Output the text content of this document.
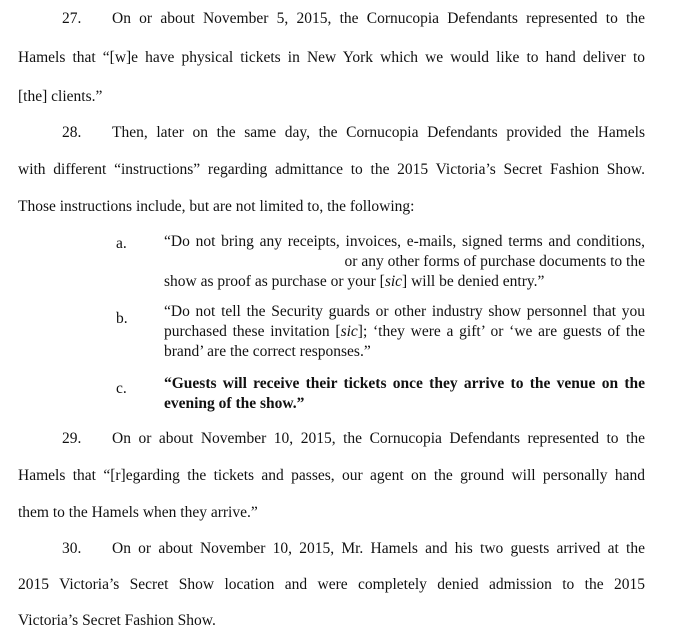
27. On or about November 5, 2015, the Cornucopia Defendants represented to the
Hamels that “[w]e have physical tickets in New York which we would like to hand deliver to
[the] clients.”
28. Then, later on the same day, the Cornucopia Defendants provided the Hamels
with different “instructions” regarding admittance to the 2015 Victoria’s Secret Fashion Show.
Those instructions include, but are not limited to, the following:
a. “Do not bring any receipts, invoices, e-mails, signed terms and conditions,
or any other forms of purchase documents to the
show as proof as purchase or your [sic] will be denied entry.”
b. “Do not tell the Security guards or other industry show personnel that you
purchased these invitation [sic]; ‘they were a gift’ or ‘we are guests of the
brand’ are the correct responses.”
c. “Guests will receive their tickets once they arrive to the venue on the
evening of the show.”
29. On or about November 10, 2015, the Cornucopia Defendants represented to the
Hamels that “[r]egarding the tickets and passes, our agent on the ground will personally hand
them to the Hamels when they arrive.”
30. On or about November 10, 2015, Mr. Hamels and his two guests arrived at the
2015 Victoria’s Secret Show location and were completely denied admission to the 2015
Victoria’s Secret Fashion Show.
